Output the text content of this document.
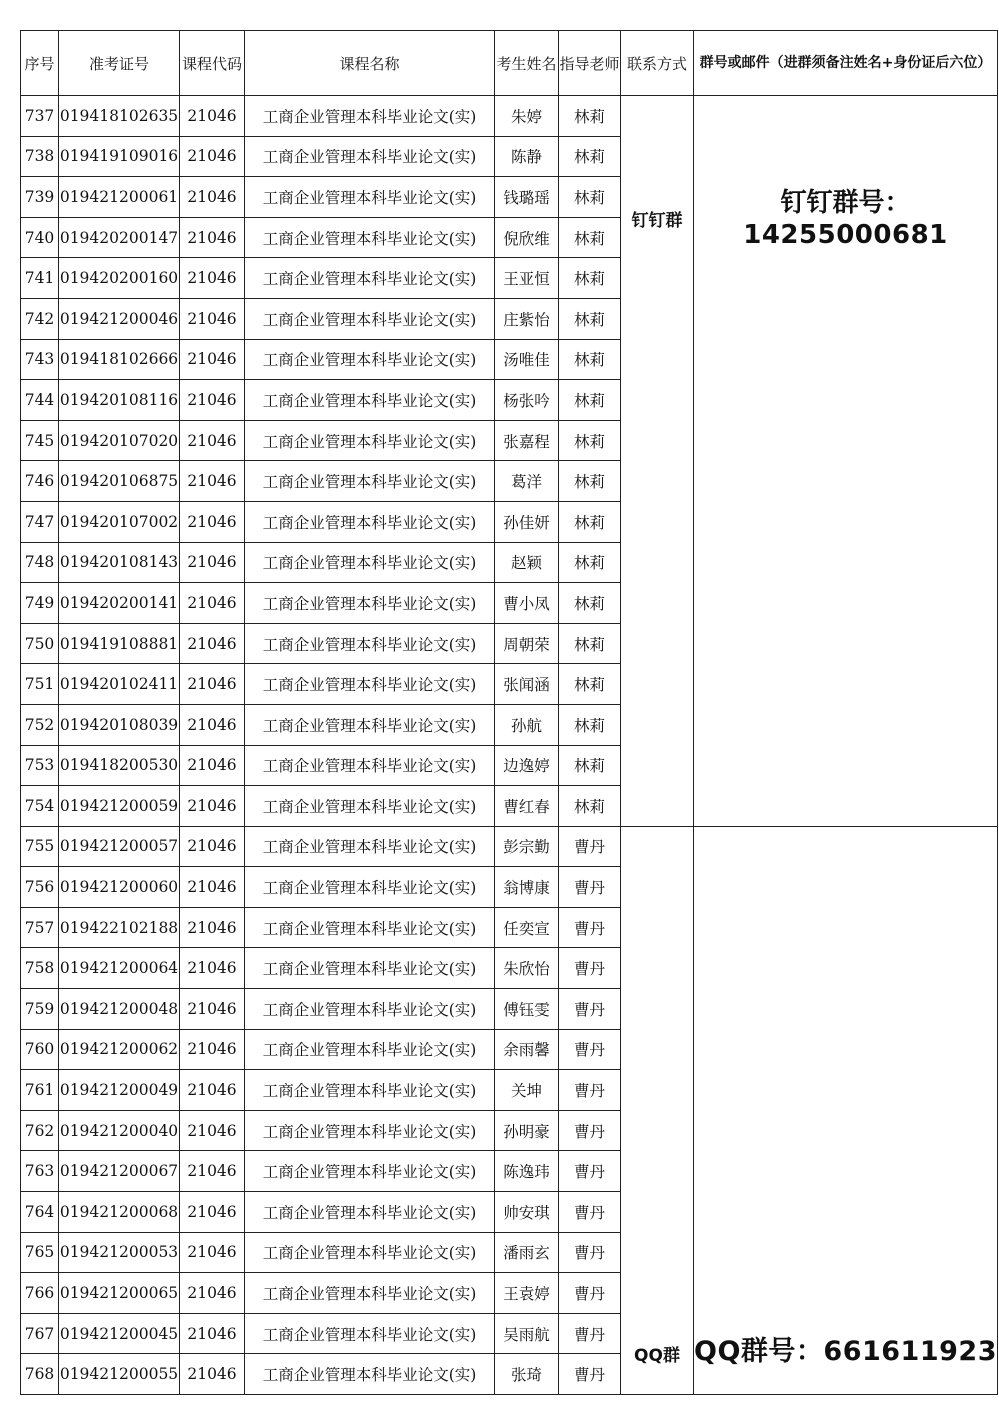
序号	准考证号	课程代码	课程名称	考生姓名	指导老师	联系方式	群号或邮件（进群须备注姓名+身份证后六位）
737	019418102635	21046	工商企业管理本科毕业论文(实)	朱婷	林莉	钉钉群	钉钉群号：
14255000681

738	019419109016	21046	工商企业管理本科毕业论文(实)	陈静	林莉		
739	019421200061	21046	工商企业管理本科毕业论文(实)	钱璐瑶	林莉		
740	019420200147	21046	工商企业管理本科毕业论文(实)	倪欣维	林莉		
741	019420200160	21046	工商企业管理本科毕业论文(实)	王亚恒	林莉		
742	019421200046	21046	工商企业管理本科毕业论文(实)	庄紫怡	林莉		
743	019418102666	21046	工商企业管理本科毕业论文(实)	汤唯佳	林莉		
744	019420108116	21046	工商企业管理本科毕业论文(实)	杨张吟	林莉		
745	019420107020	21046	工商企业管理本科毕业论文(实)	张嘉程	林莉		
746	019420106875	21046	工商企业管理本科毕业论文(实)	葛洋	林莉		
747	019420107002	21046	工商企业管理本科毕业论文(实)	孙佳妍	林莉		
748	019420108143	21046	工商企业管理本科毕业论文(实)	赵颖	林莉		
749	019420200141	21046	工商企业管理本科毕业论文(实)	曹小凤	林莉		
750	019419108881	21046	工商企业管理本科毕业论文(实)	周朝荣	林莉		
751	019420102411	21046	工商企业管理本科毕业论文(实)	张闻涵	林莉		
752	019420108039	21046	工商企业管理本科毕业论文(实)	孙航	林莉		
753	019418200530	21046	工商企业管理本科毕业论文(实)	边逸婷	林莉		
754	019421200059	21046	工商企业管理本科毕业论文(实)	曹红春	林莉		
755	019421200057	21046	工商企业管理本科毕业论文(实)	彭宗勤	曹丹	QQ群	QQ群号：661611923

756	019421200060	21046	工商企业管理本科毕业论文(实)	翁博康	曹丹		
757	019422102188	21046	工商企业管理本科毕业论文(实)	任奕宣	曹丹		
758	019421200064	21046	工商企业管理本科毕业论文(实)	朱欣怡	曹丹		
759	019421200048	21046	工商企业管理本科毕业论文(实)	傅钰雯	曹丹		
760	019421200062	21046	工商企业管理本科毕业论文(实)	余雨馨	曹丹		
761	019421200049	21046	工商企业管理本科毕业论文(实)	关坤	曹丹		
762	019421200040	21046	工商企业管理本科毕业论文(实)	孙明豪	曹丹		
763	019421200067	21046	工商企业管理本科毕业论文(实)	陈逸玮	曹丹		
764	019421200068	21046	工商企业管理本科毕业论文(实)	帅安琪	曹丹		
765	019421200053	21046	工商企业管理本科毕业论文(实)	潘雨玄	曹丹		
766	019421200065	21046	工商企业管理本科毕业论文(实)	王袁婷	曹丹		
767	019421200045	21046	工商企业管理本科毕业论文(实)	吴雨航	曹丹		
768	019421200055	21046	工商企业管理本科毕业论文(实)	张琦	曹丹		
